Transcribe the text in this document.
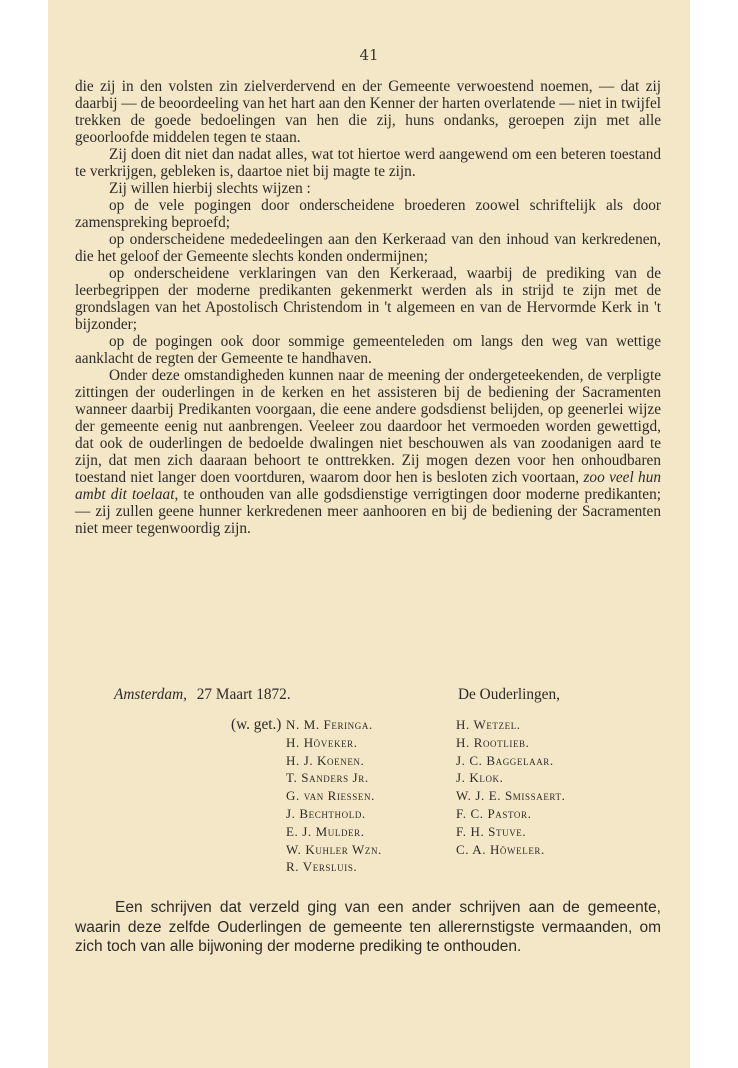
41

die zij in den volsten zin zielverdervend en der Gemeente verwoestend noemen, — dat zij daarbij — de beoordeeling van het hart aan den Kenner der harten overlatende — niet in twijfel trekken de goede bedoelingen van hen die zij, huns ondanks, geroepen zijn met alle geoorloofde middelen tegen te staan.

Zij doen dit niet dan nadat alles, wat tot hiertoe werd aangewend om een beteren toestand te verkrijgen, gebleken is, daartoe niet bij magte te zijn.

Zij willen hierbij slechts wijzen :

op de vele pogingen door onderscheidene broederen zoowel schriftelijk als door zamenspreking beproefd;

op onderscheidene mededeelingen aan den Kerkeraad van den inhoud van kerkredenen, die het geloof der Gemeente slechts konden ondermijnen;

op onderscheidene verklaringen van den Kerkeraad, waarbij de prediking van de leerbegrippen der moderne predikanten gekenmerkt werden als in strijd te zijn met de grondslagen van het Apostolisch Christendom in 't algemeen en van de Hervormde Kerk in 't bijzonder;

op de pogingen ook door sommige gemeenteleden om langs den weg van wettige aanklacht de regten der Gemeente te handhaven.

Onder deze omstandigheden kunnen naar de meening der ondergeteekenden, de verpligte zittingen der ouderlingen in de kerken en het assisteren bij de bediening der Sacramenten wanneer daarbij Predikanten voorgaan, die eene andere godsdienst belijden, op geenerlei wijze der gemeente eenig nut aanbrengen. Veeleer zou daardoor het vermoeden worden gewettigd, dat ook de ouderlingen de bedoelde dwalingen niet beschouwen als van zoodanigen aard te zijn, dat men zich daaraan behoort te onttrekken. Zij mogen dezen voor hen onhoudbaren toestand niet langer doen voortduren, waarom door hen is besloten zich voortaan, zoo veel hun ambt dit toelaat, te onthouden van alle godsdienstige verrigtingen door moderne predikanten; — zij zullen geene hunner kerkredenen meer aanhooren en bij de bediening der Sacramenten niet meer tegenwoordig zijn.

Amsterdam, 27 Maart 1872.	De Ouderlingen,
(w. get.) N. M. Feringa.
H. Höveker.
H. J. Koenen.
T. Sanders Jr.
G. van Riessen.
J. Bechthold.
E. J. Mulder.
W. Kuhler Wzn.
R. Versluis.
H. Wetzel.
H. Rootlieb.
J. C. Baggelaar.
J. Klok.
W. J. E. Smissaert.
F. C. Pastor.
F. H. Stuve.
C. A. Höweler.

Een schrijven dat verzeld ging van een ander schrijven aan de gemeente, waarin deze zelfde Ouderlingen de gemeente ten allerernstigste vermaanden, om zich toch van alle bijwoning der moderne prediking te onthouden.
